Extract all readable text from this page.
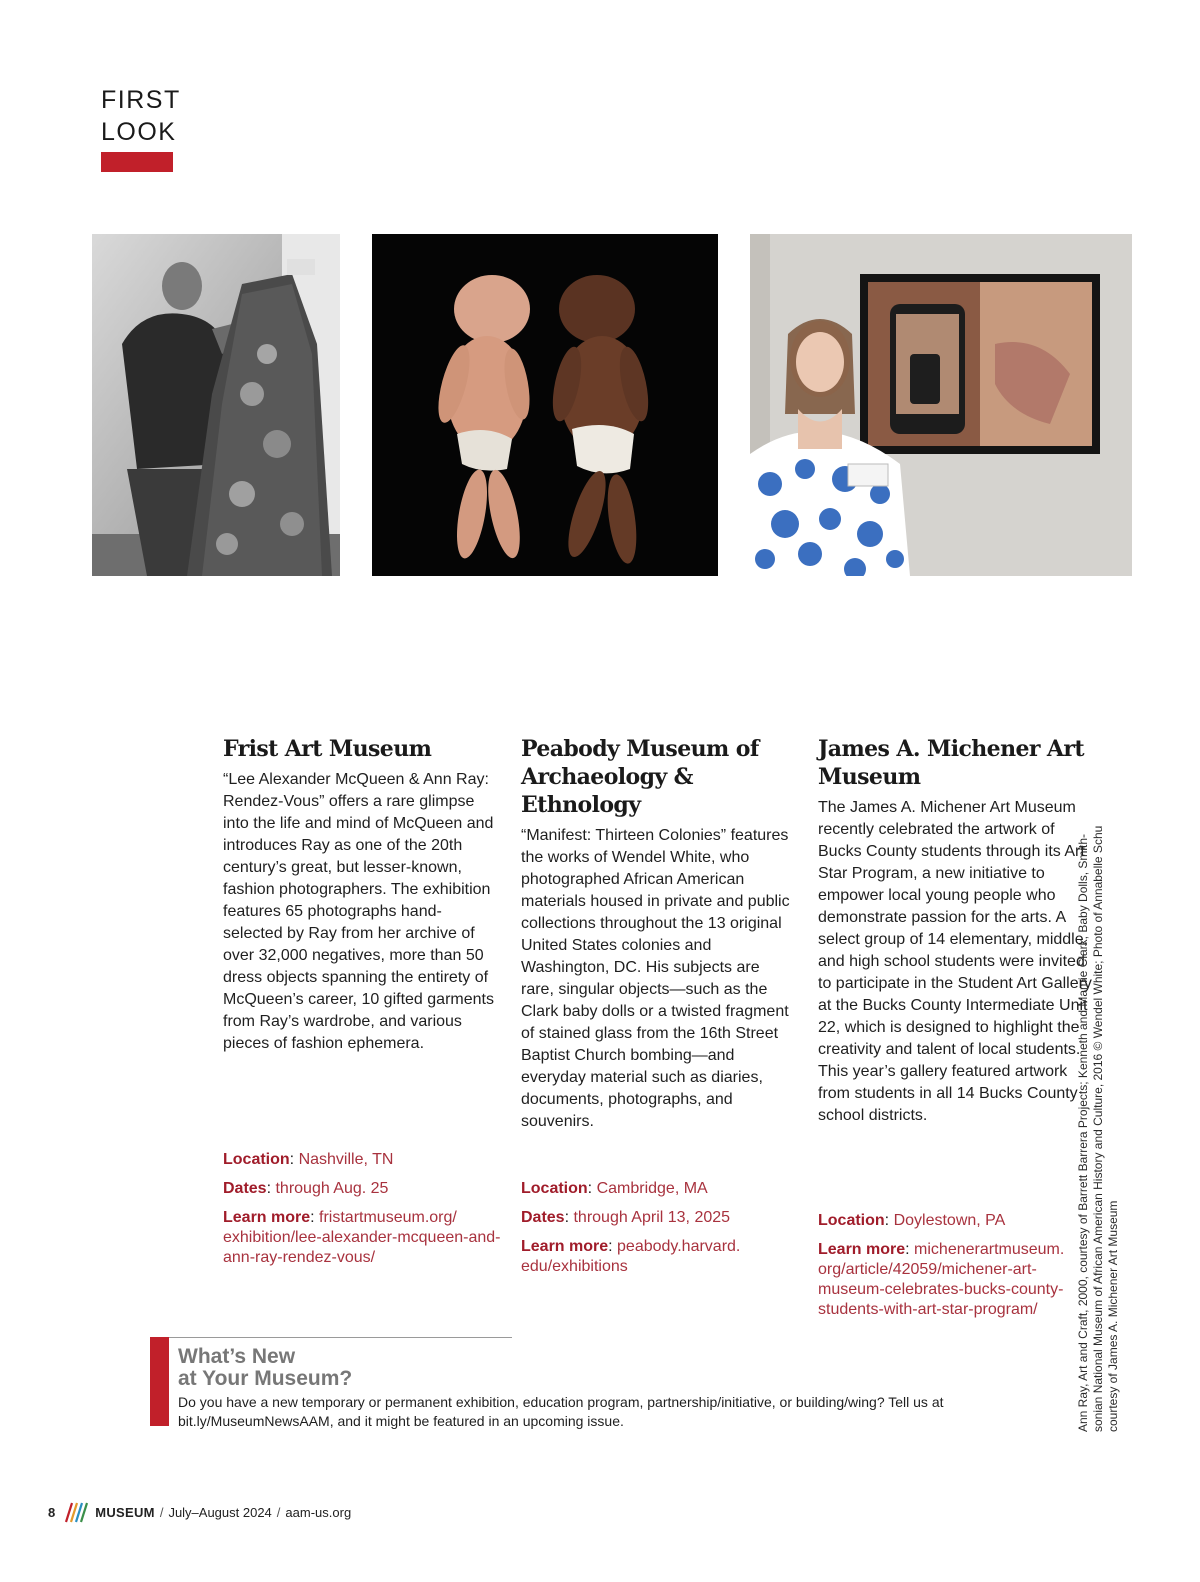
FIRST
LOOK
Frist Art Museum

“Lee Alexander McQueen & Ann Ray: Rendez-Vous” offers a rare glimpse into the life and mind of McQueen and introduces Ray as one of the 20th century’s great, but lesser-known, fashion photographers. The exhibition features 65 photographs hand-selected by Ray from her archive of over 32,000 negatives, more than 50 dress objects spanning the entirety of McQueen’s career, 10 gifted garments from Ray’s wardrobe, and various pieces of fashion ephemera.

Location: Nashville, TN
Dates: through Aug. 25
Learn more: fristartmuseum.org/ exhibition/lee-alexander-mcqueen-and-ann-ray-rendez-vous/
Peabody Museum of Archaeology & Ethnology

“Manifest: Thirteen Colonies” features the works of Wendel White, who photographed African American materials housed in private and public collections throughout the 13 original United States colonies and Washington, DC. His subjects are rare, singular objects—such as the Clark baby dolls or a twisted fragment of stained glass from the 16th Street Baptist Church bombing—and everyday material such as diaries, documents, photographs, and souvenirs.

Location: Cambridge, MA
Dates: through April 13, 2025
Learn more: peabody.harvard. edu/exhibitions
James A. Michener Art Museum

The James A. Michener Art Museum recently celebrated the artwork of Bucks County students through its Art Star Program, a new initiative to empower local young people who demonstrate passion for the arts. A select group of 14 elementary, middle, and high school students were invited to participate in the Student Art Gallery at the Bucks County Intermediate Unit 22, which is designed to highlight the creativity and talent of local students. This year’s gallery featured artwork from students in all 14 Bucks County school districts.

Location: Doylestown, PA
Learn more: michenerartmuseum. org/article/42059/michener-art-museum-celebrates-bucks-county-students-with-art-star-program/
What’s New
at Your Museum?
Do you have a new temporary or permanent exhibition, education program, partnership/initiative, or building/wing? Tell us at bit.ly/MuseumNewsAAM, and it might be featured in an upcoming issue.	Ann Ray, Art and Craft, 2000, courtesy of Barrett Barrera Projects; Kenneth and Mamie Clark, Baby Dolls, Smith- sonian National Museum of African American History and Culture, 2016 © Wendel White; Photo of Annabelle Schu courtesy of James A. Michener Art Museum
8	MUSEUM / July–August 2024 / aam-us.org
